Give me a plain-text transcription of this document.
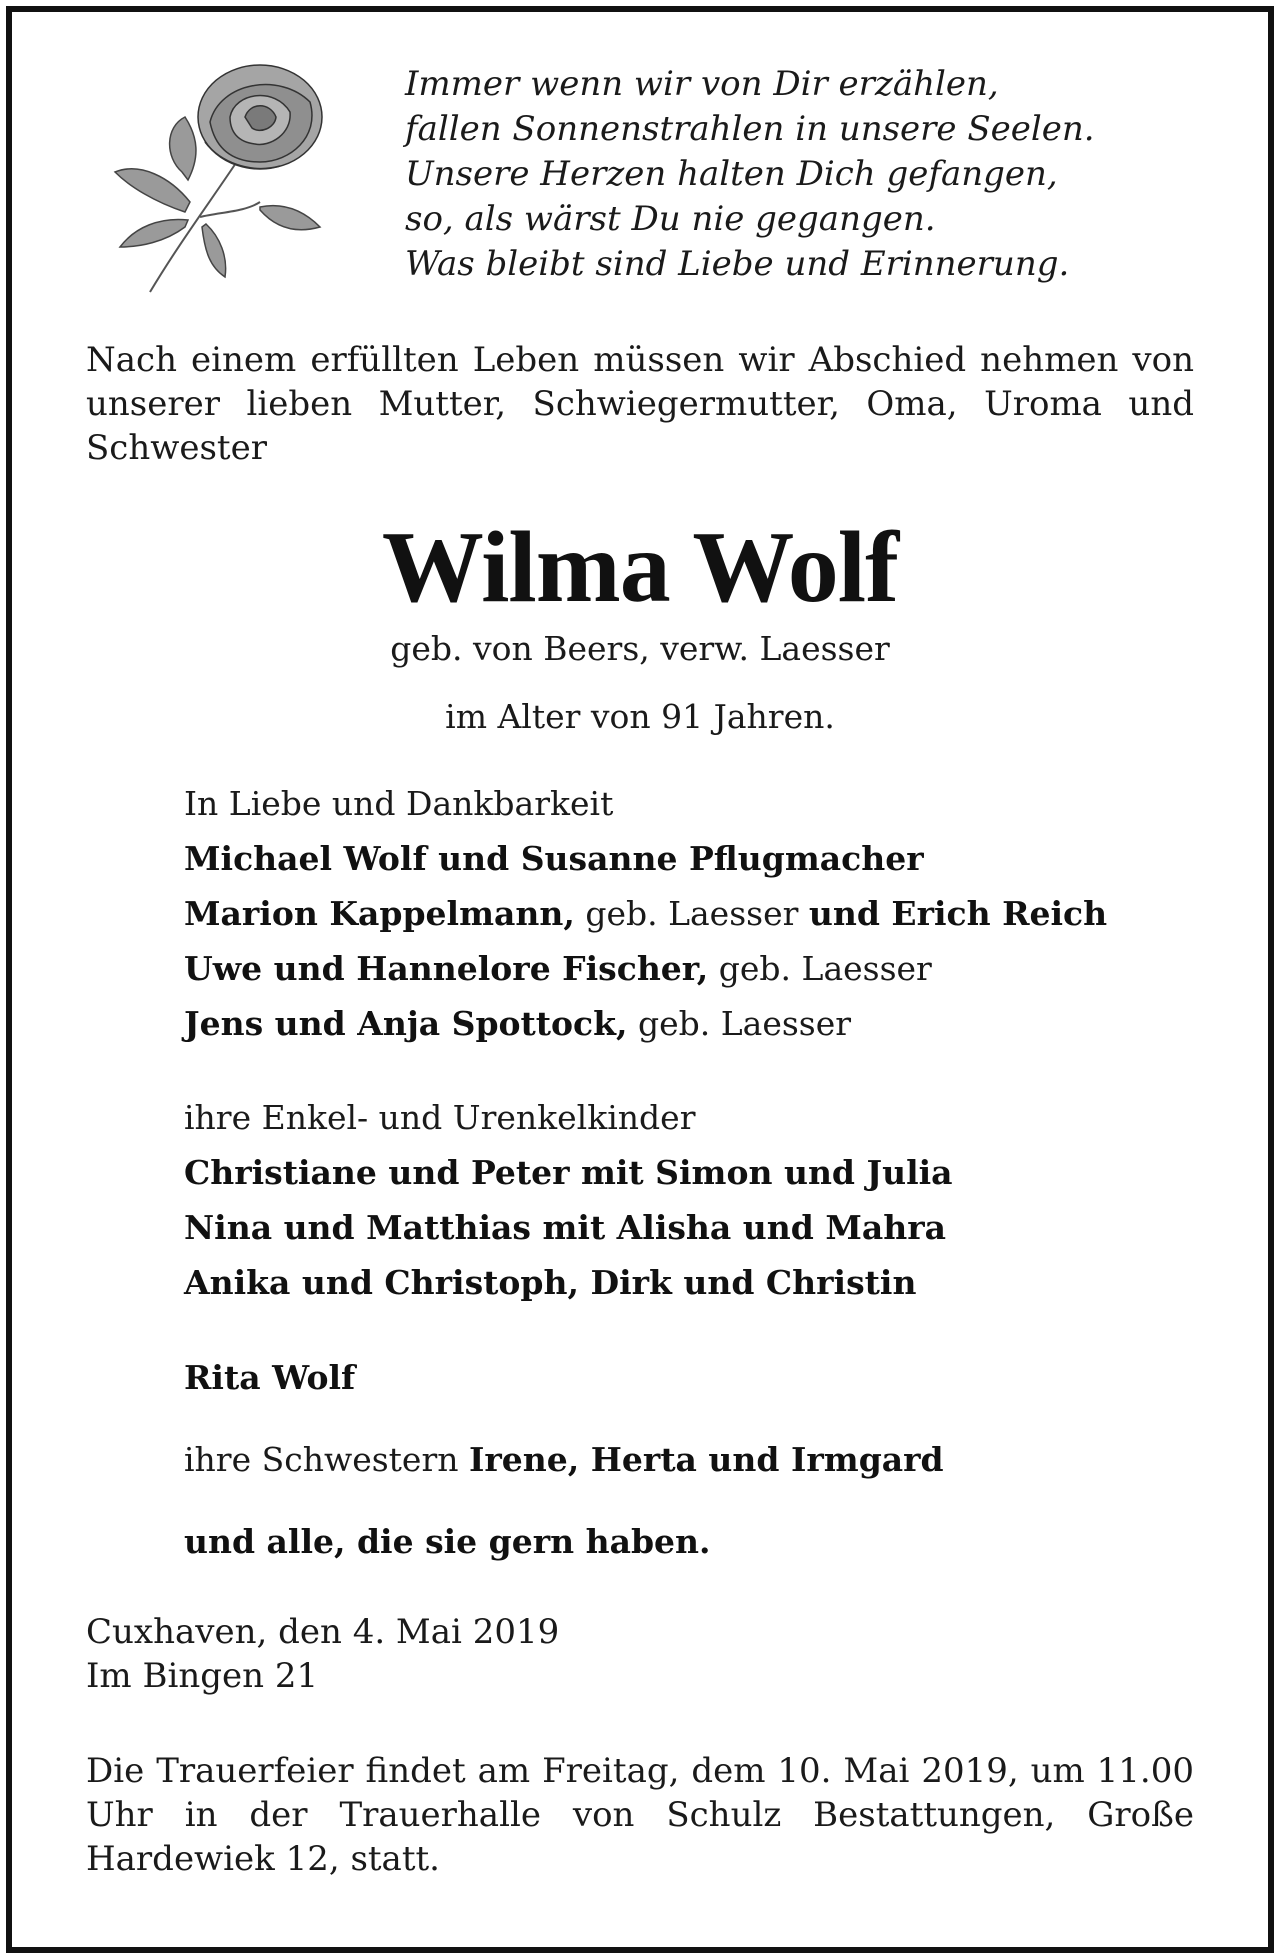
Immer wenn wir von Dir erzählen,
fallen Sonnenstrahlen in unsere Seelen.
Unsere Herzen halten Dich gefangen,
so, als wärst Du nie gegangen.
Was bleibt sind Liebe und Erinnerung.
Nach einem erfüllten Leben müssen wir Abschied nehmen von unserer lieben Mutter, Schwiegermutter, Oma, Uroma und Schwester
Wilma Wolf
geb. von Beers, verw. Laesser
im Alter von 91 Jahren.
In Liebe und Dankbarkeit
Michael Wolf und Susanne Pflugmacher
Marion Kappelmann, geb. Laesser und Erich Reich
Uwe und Hannelore Fischer, geb. Laesser
Jens und Anja Spottock, geb. Laesser
ihre Enkel- und Urenkelkinder
Christiane und Peter mit Simon und Julia
Nina und Matthias mit Alisha und Mahra
Anika und Christoph, Dirk und Christin
Rita Wolf
ihre Schwestern Irene, Herta und Irmgard
und alle, die sie gern haben.
Cuxhaven, den 4. Mai 2019
Im Bingen 21
Die Trauerfeier findet am Freitag, dem 10. Mai 2019, um 11.00 Uhr in der Trauerhalle von Schulz Bestattungen, Große Hardewiek 12, statt.
